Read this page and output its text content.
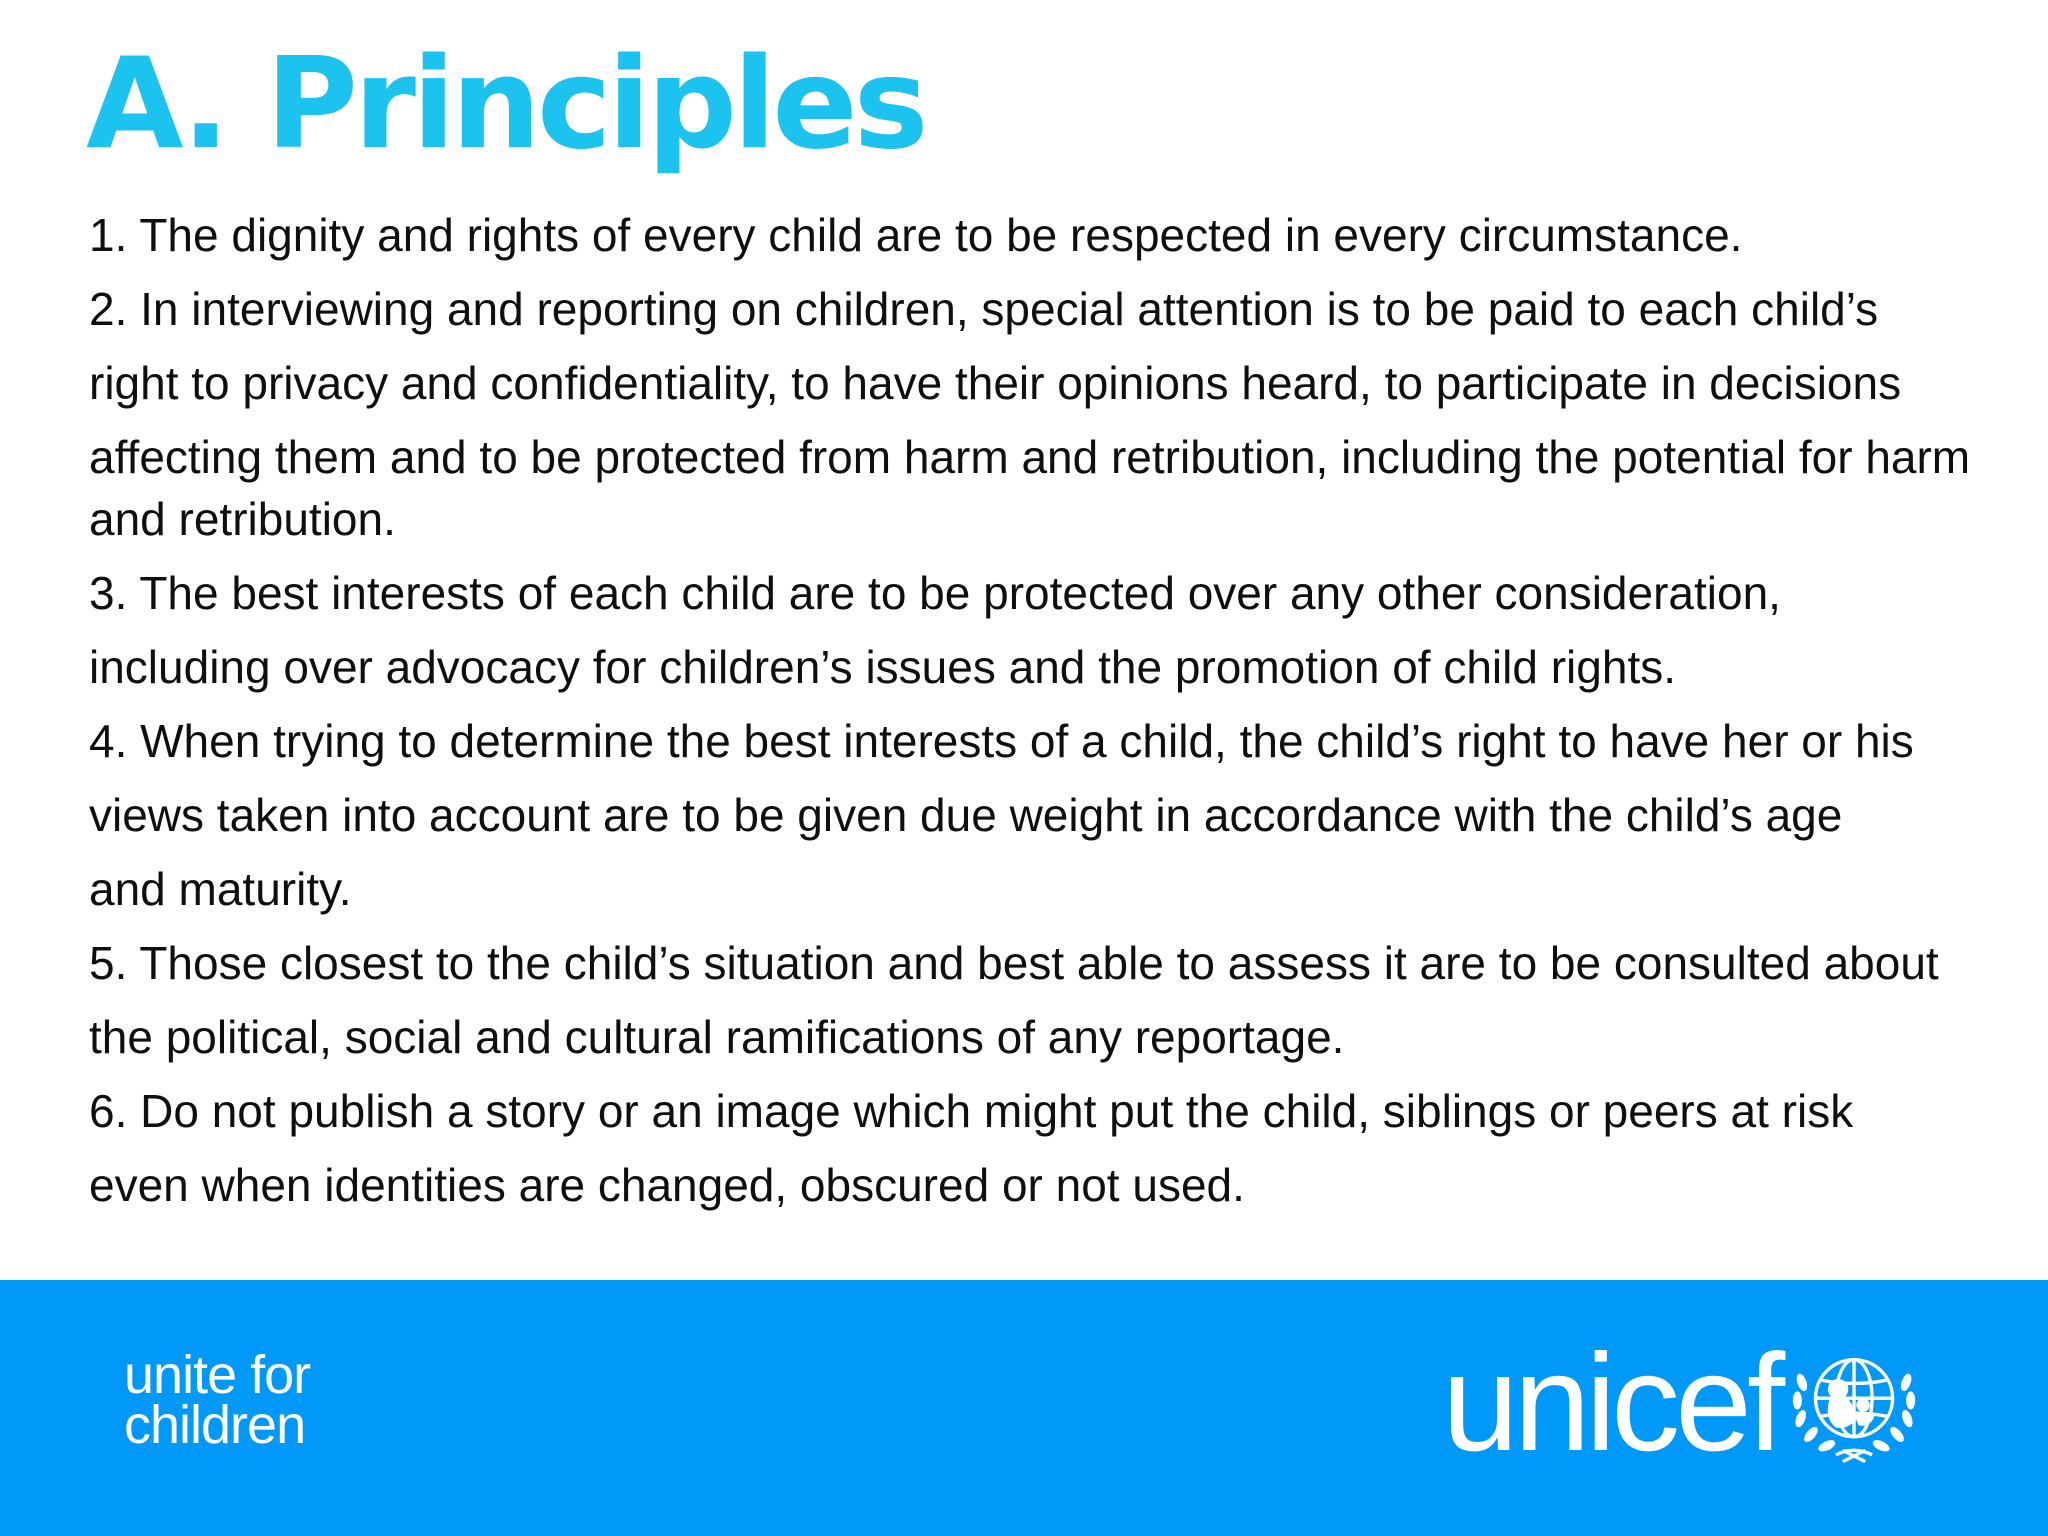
A. Principles
1. The dignity and rights of every child are to be respected in every circumstance.
2. In interviewing and reporting on children, special attention is to be paid to each child’s
right to privacy and confidentiality, to have their opinions heard, to participate in decisions
affecting them and to be protected from harm and retribution, including the potential for harm
and retribution.
3. The best interests of each child are to be protected over any other consideration,
including over advocacy for children’s issues and the promotion of child rights.
4. When trying to determine the best interests of a child, the child’s right to have her or his
views taken into account are to be given due weight in accordance with the child’s age
and maturity.
5. Those closest to the child’s situation and best able to assess it are to be consulted about
the political, social and cultural ramifications of any reportage.
6. Do not publish a story or an image which might put the child, siblings or peers at risk
even when identities are changed, obscured or not used.
unite for
children	unicef
